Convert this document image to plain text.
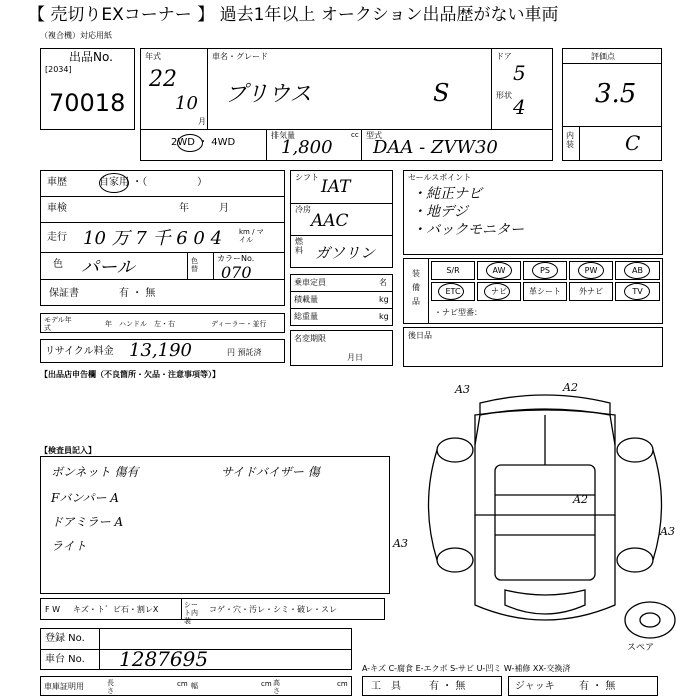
【 売切りEXコーナー 】 過去1年以上 オークション出品歴がない車両
（複合機）対応用紙
出品No.
[2034]
70018
年式
22
10
月
車名・グレード
プリウス	S
ドア
5
形状 4
2WD ・ 4WD
排気量
1,800
cc 型式
DAA - ZVW30
評価点
3.5
内装	C
車歴	自家用 ・（　　　　　）
車検	年　　　月
走行 10 万 7 千 6 0 4 km / マイル
色 パール	色替
カラーNo.
070
保証書	有 ・ 無
モデル年式	年　ハンドル　左・右	ディーラー・並行
リサイクル料金 13,190	円 預託済
シフト IAT
冷房
AAC
燃料 ガソリン
乗車定員	名
積載量	kg
総重量	kg
名変期限
月日
セールスポイント
・純正ナビ
・地デジ
・バックモニター
装備品
S/R	AW	PS	PW	AB
ETC	ナビ	革シート	外ナビ	TV
・ナビ型番：
後日品
【出品店申告欄（不良箇所・欠品・注意事項等）】
【検査員記入】
ボンネット 傷有	サイドバイザー 傷
Fバンパー A
ドアミラー A
ライト
A3	A2
A3
A2
A3
スペア
F W キズ・ト゛ビ石・割レX	シート内装
コゲ・穴・汚レ・シミ・破レ・スレ
登録 No.
車台 No. 1287695
車庫証明用	長さ
cm 幅	cm 高さ
cm
A-キズ C-腐食 E-エクボ S-サビ U-凹ミ W-補修 XX-交換済
工　具	有 ・ 無	ジャッキ 有 ・ 無
